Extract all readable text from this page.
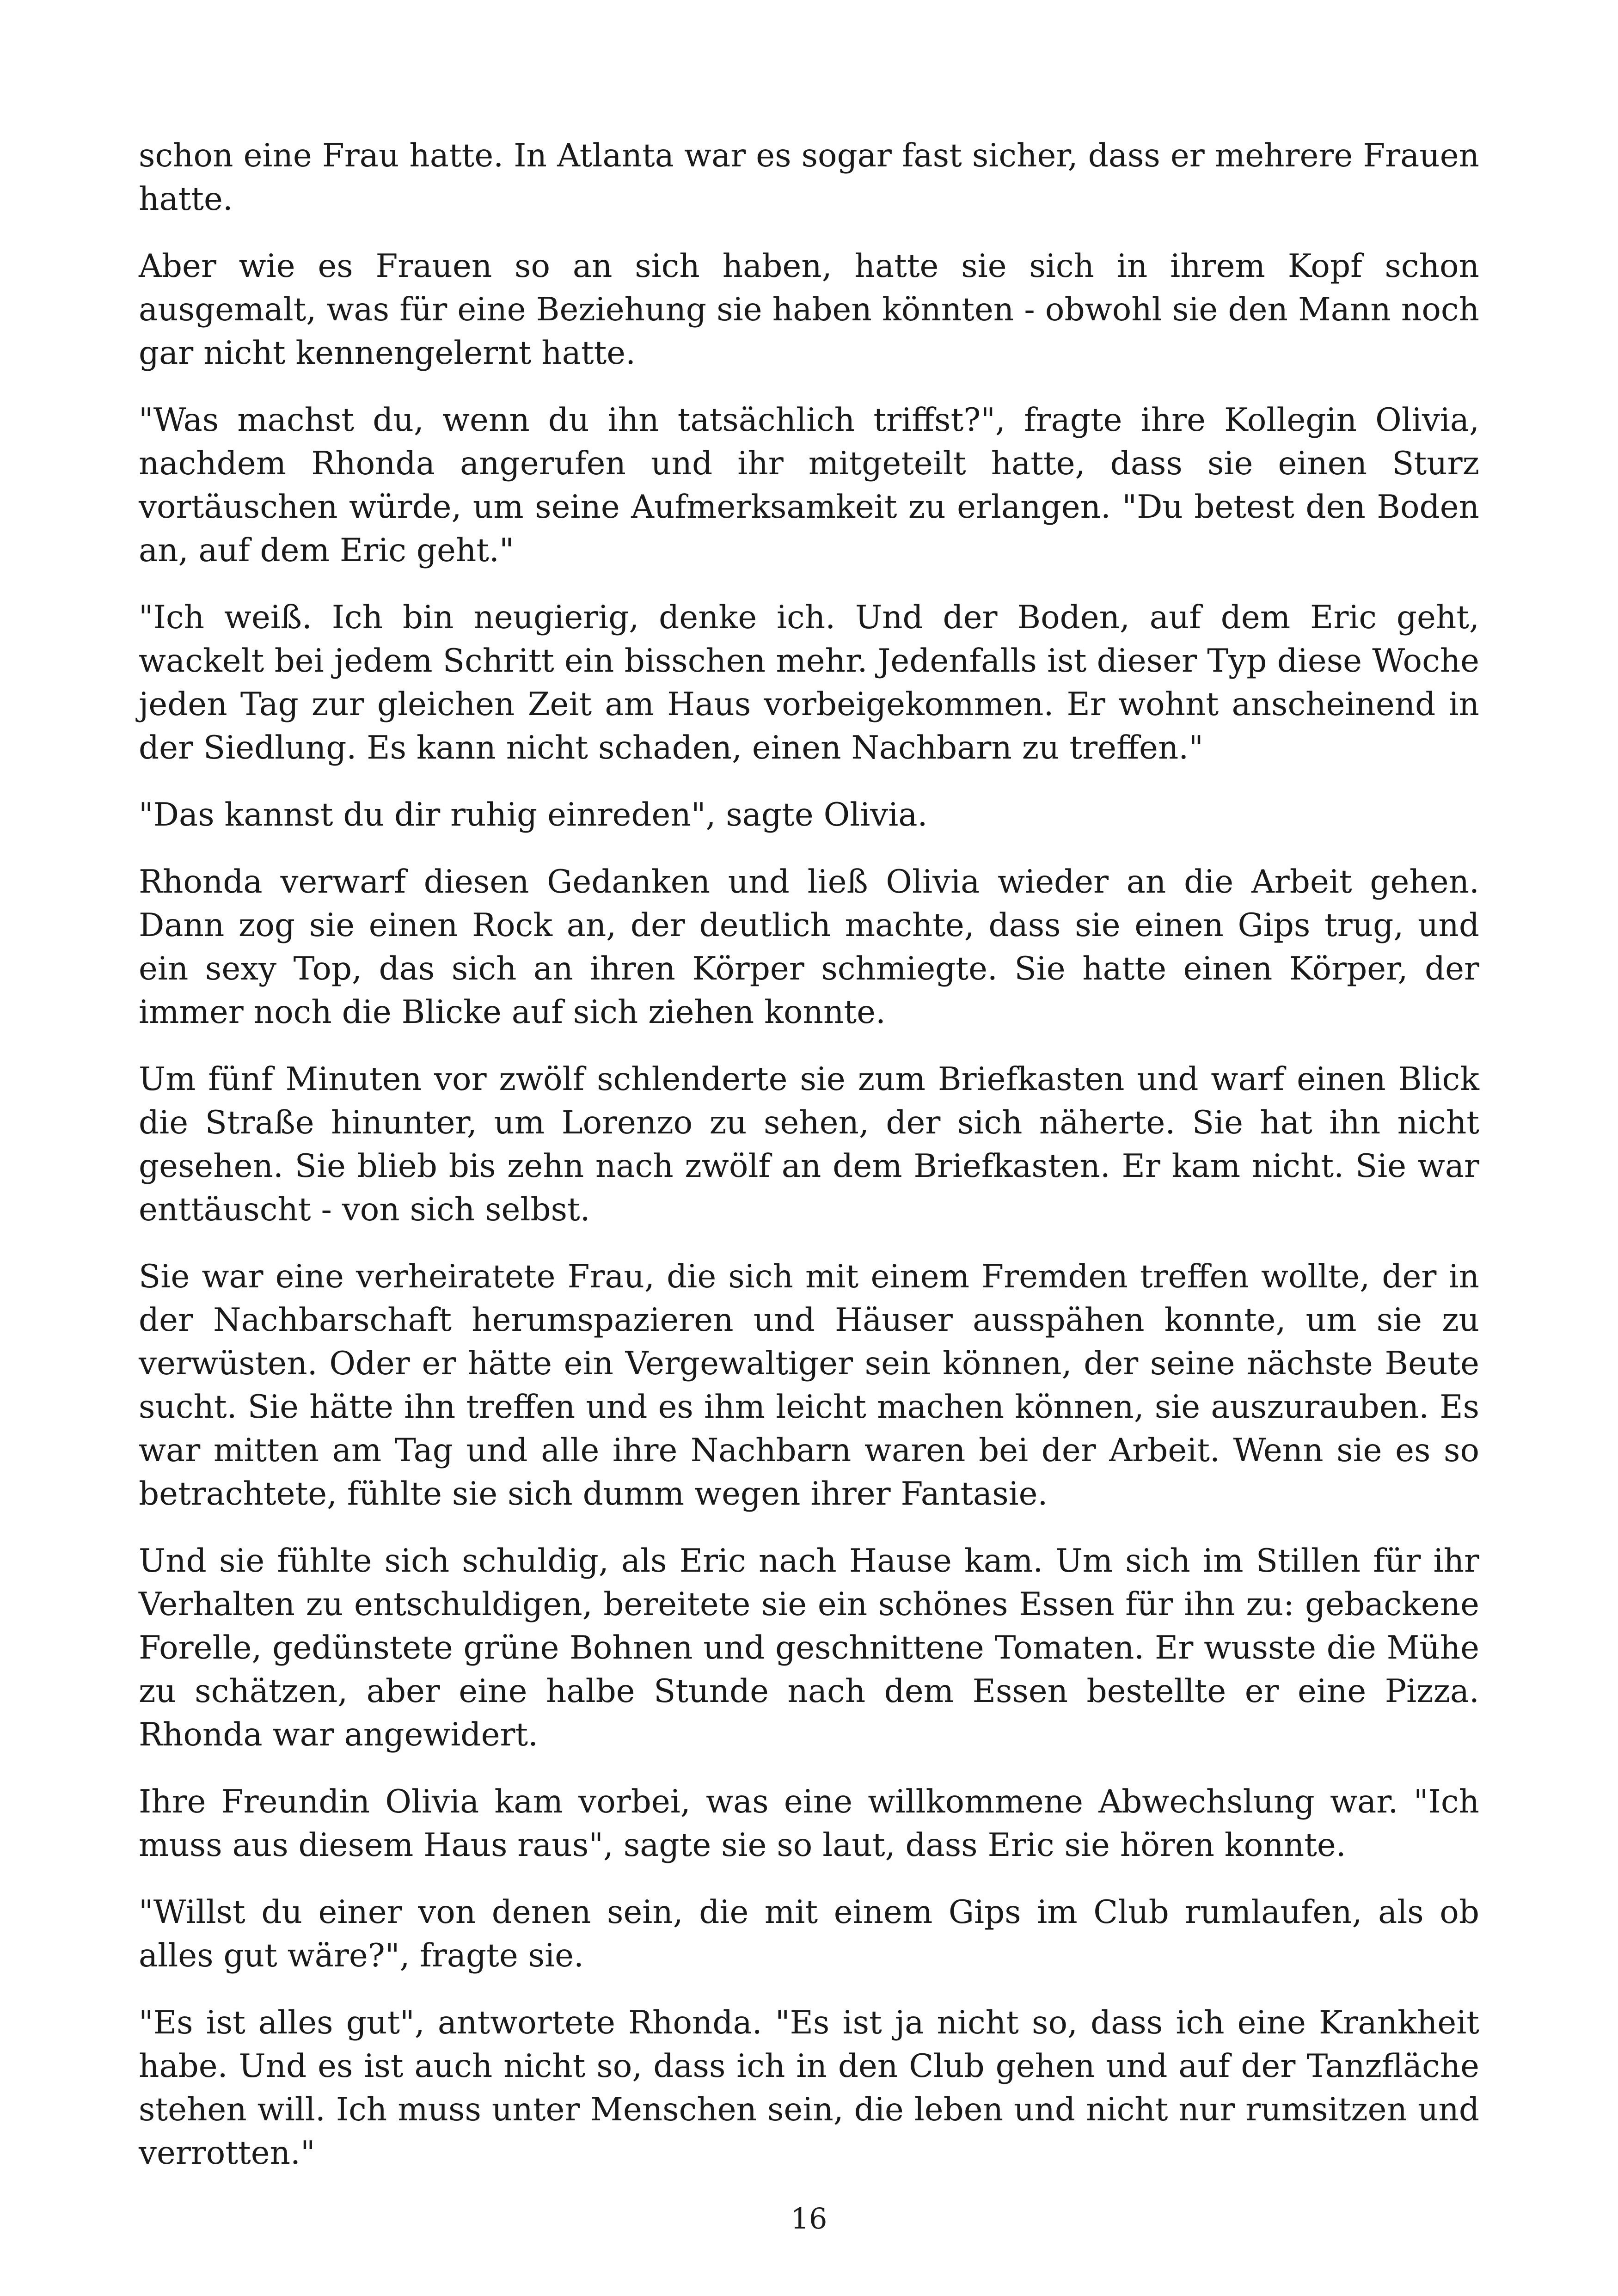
schon eine Frau hatte. In Atlanta war es sogar fast sicher, dass er mehrere Frauen hatte.

Aber wie es Frauen so an sich haben, hatte sie sich in ihrem Kopf schon ausgemalt, was für eine Beziehung sie haben könnten - obwohl sie den Mann noch gar nicht kennengelernt hatte.

"Was machst du, wenn du ihn tatsächlich triffst?", fragte ihre Kollegin Olivia, nachdem Rhonda angerufen und ihr mitgeteilt hatte, dass sie einen Sturz vortäuschen würde, um seine Aufmerksamkeit zu erlangen. "Du betest den Boden an, auf dem Eric geht."

"Ich weiß. Ich bin neugierig, denke ich. Und der Boden, auf dem Eric geht, wackelt bei jedem Schritt ein bisschen mehr. Jedenfalls ist dieser Typ diese Woche jeden Tag zur gleichen Zeit am Haus vorbeigekommen. Er wohnt anscheinend in der Siedlung. Es kann nicht schaden, einen Nachbarn zu treffen."

"Das kannst du dir ruhig einreden", sagte Olivia.

Rhonda verwarf diesen Gedanken und ließ Olivia wieder an die Arbeit gehen. Dann zog sie einen Rock an, der deutlich machte, dass sie einen Gips trug, und ein sexy Top, das sich an ihren Körper schmiegte. Sie hatte einen Körper, der immer noch die Blicke auf sich ziehen konnte.

Um fünf Minuten vor zwölf schlenderte sie zum Briefkasten und warf einen Blick die Straße hinunter, um Lorenzo zu sehen, der sich näherte. Sie hat ihn nicht gesehen. Sie blieb bis zehn nach zwölf an dem Briefkasten. Er kam nicht. Sie war enttäuscht - von sich selbst.

Sie war eine verheiratete Frau, die sich mit einem Fremden treffen wollte, der in der Nachbarschaft herumspazieren und Häuser ausspähen konnte, um sie zu verwüsten. Oder er hätte ein Vergewaltiger sein können, der seine nächste Beute sucht. Sie hätte ihn treffen und es ihm leicht machen können, sie auszurauben. Es war mitten am Tag und alle ihre Nachbarn waren bei der Arbeit. Wenn sie es so betrachtete, fühlte sie sich dumm wegen ihrer Fantasie.

Und sie fühlte sich schuldig, als Eric nach Hause kam. Um sich im Stillen für ihr Verhalten zu entschuldigen, bereitete sie ein schönes Essen für ihn zu: gebackene Forelle, gedünstete grüne Bohnen und geschnittene Tomaten. Er wusste die Mühe zu schätzen, aber eine halbe Stunde nach dem Essen bestellte er eine Pizza. Rhonda war angewidert.

Ihre Freundin Olivia kam vorbei, was eine willkommene Abwechslung war. "Ich muss aus diesem Haus raus", sagte sie so laut, dass Eric sie hören konnte.

"Willst du einer von denen sein, die mit einem Gips im Club rumlaufen, als ob alles gut wäre?", fragte sie.

"Es ist alles gut", antwortete Rhonda. "Es ist ja nicht so, dass ich eine Krankheit habe. Und es ist auch nicht so, dass ich in den Club gehen und auf der Tanzfläche stehen will. Ich muss unter Menschen sein, die leben und nicht nur rumsitzen und verrotten."

16
